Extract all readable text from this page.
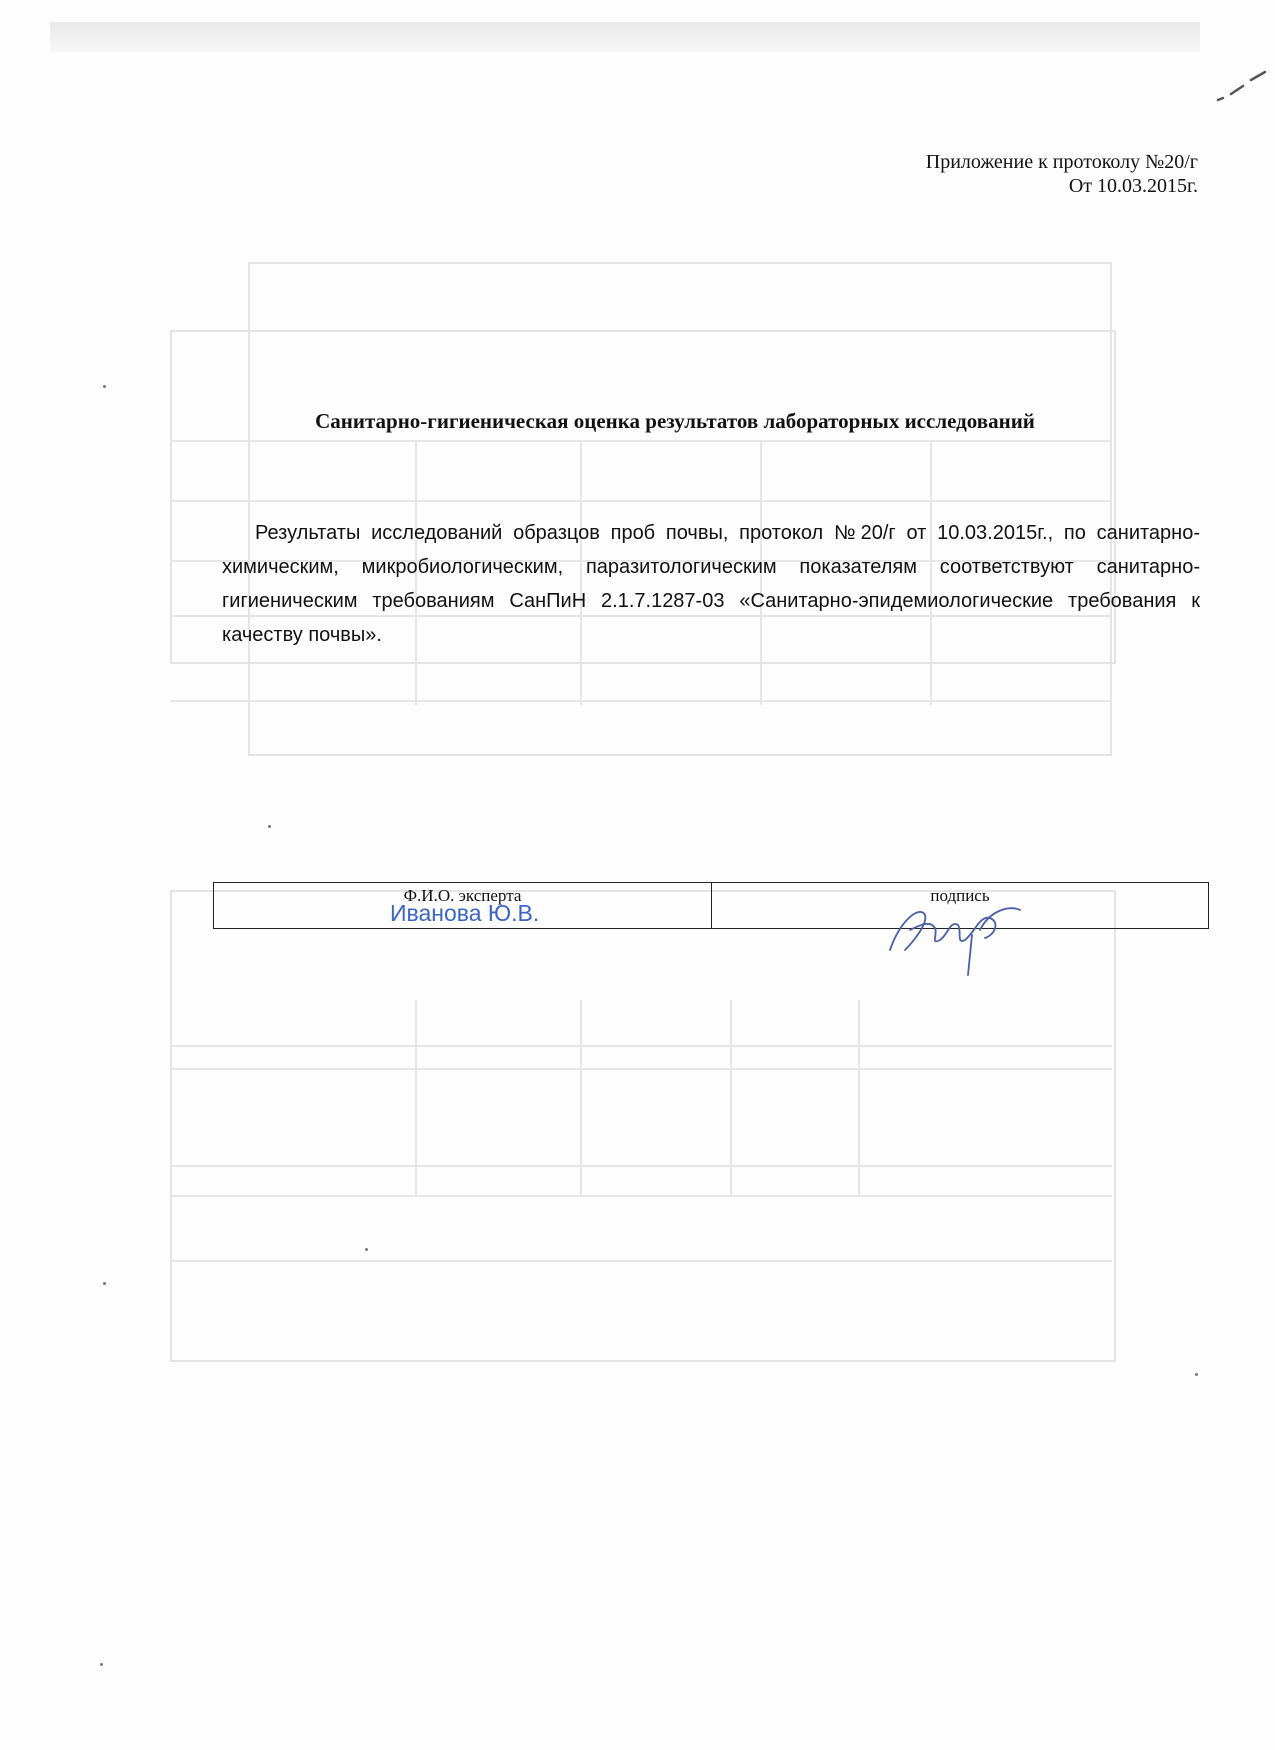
Приложение к протоколу №20/г
От 10.03.2015г.
Санитарно-гигиеническая оценка результатов лабораторных исследований
Результаты исследований образцов проб почвы, протокол №20/г от 10.03.2015г., по санитарно-химическим, микробиологическим, паразитологическим показателям соответствуют санитарно-гигиеническим требованиям СанПиН 2.1.7.1287-03 «Санитарно-эпидемиологические требования к качеству почвы».
Ф.И.О. эксперта
Иванова Ю.В.
подпись
